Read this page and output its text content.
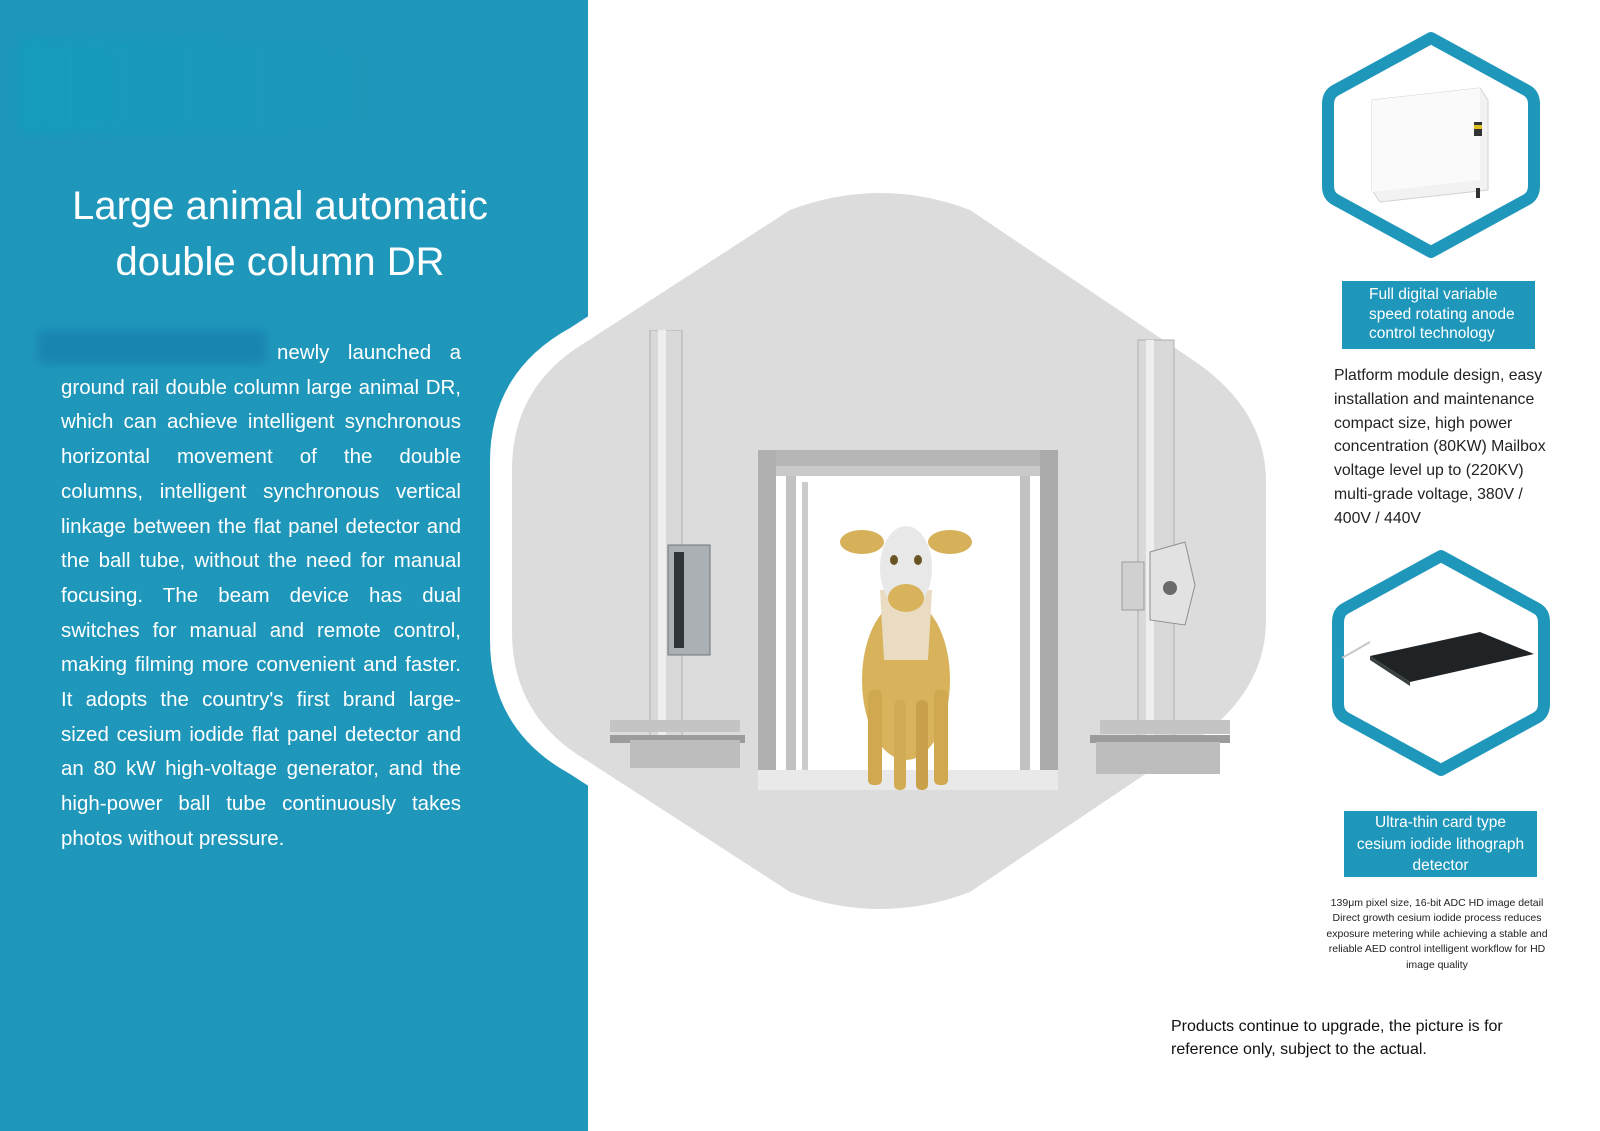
Large animal automatic
double column DR

newly launched a ground rail double column large animal DR, which can achieve intelligent synchronous horizontal movement of the double columns, intelligent synchronous vertical linkage between the flat panel detector and the ball tube, without the need for manual focusing. The beam device has dual switches for manual and remote control, making filming more convenient and faster. It adopts the country's first brand large-sized cesium iodide flat panel detector and an 80 kW high-voltage generator, and the high-power ball tube continuously takes photos without pressure.

Full digital variable speed rotating anode control technology

Platform module design, easy installation and maintenance compact size, high power concentration (80KW) Mailbox voltage level up to (220KV) multi-grade voltage, 380V / 400V / 440V

Ultra-thin card type cesium iodide lithograph detector

139μm pixel size, 16-bit ADC HD image detail Direct growth cesium iodide process reduces exposure metering while achieving a stable and reliable AED control intelligent workflow for HD image quality

Products continue to upgrade, the picture is for reference only, subject to the actual.
